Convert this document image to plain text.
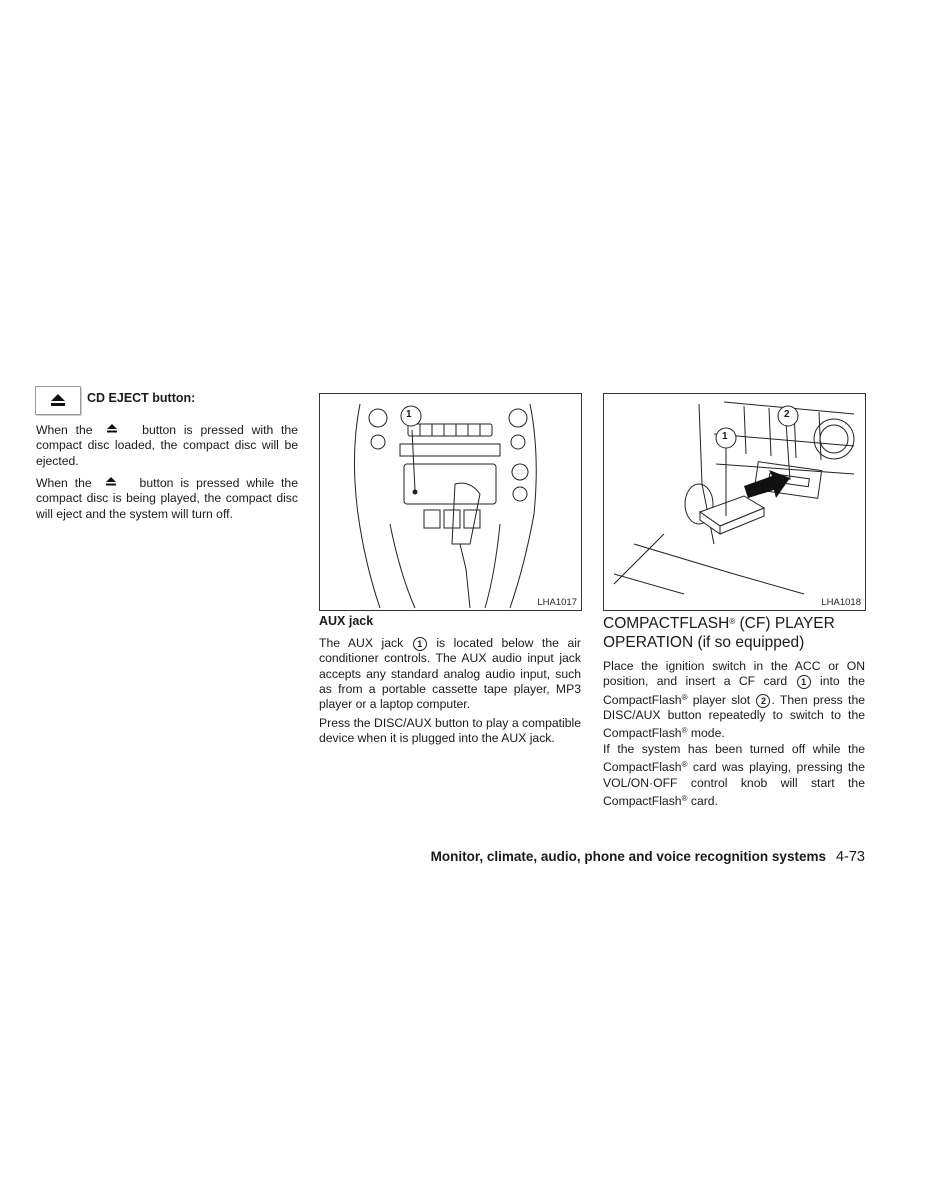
CD EJECT button:

When the	button is pressed with the compact disc loaded, the compact disc will be ejected.

When the	button is pressed while the compact disc is being played, the compact disc will eject and the system will turn off.

1
LHA1017
AUX jack

The AUX jack 1 is located below the air conditioner controls. The AUX audio input jack accepts any standard analog audio input, such as from a portable cassette tape player, MP3 player or a laptop computer.

Press the DISC/AUX button to play a compatible device when it is plugged into the AUX jack.

1
2
LHA1018
COMPACTFLASH® (CF) PLAYER
OPERATION (if so equipped)

Place the ignition switch in the ACC or ON position, and insert a CF card 1 into the CompactFlash® player slot 2 . Then press the DISC/AUX button repeatedly to switch to the CompactFlash® mode.

If the system has been turned off while the CompactFlash® card was playing, pressing the VOL/ON·OFF control knob will start the CompactFlash® card.

Monitor, climate, audio, phone and voice recognition systems 4-73
